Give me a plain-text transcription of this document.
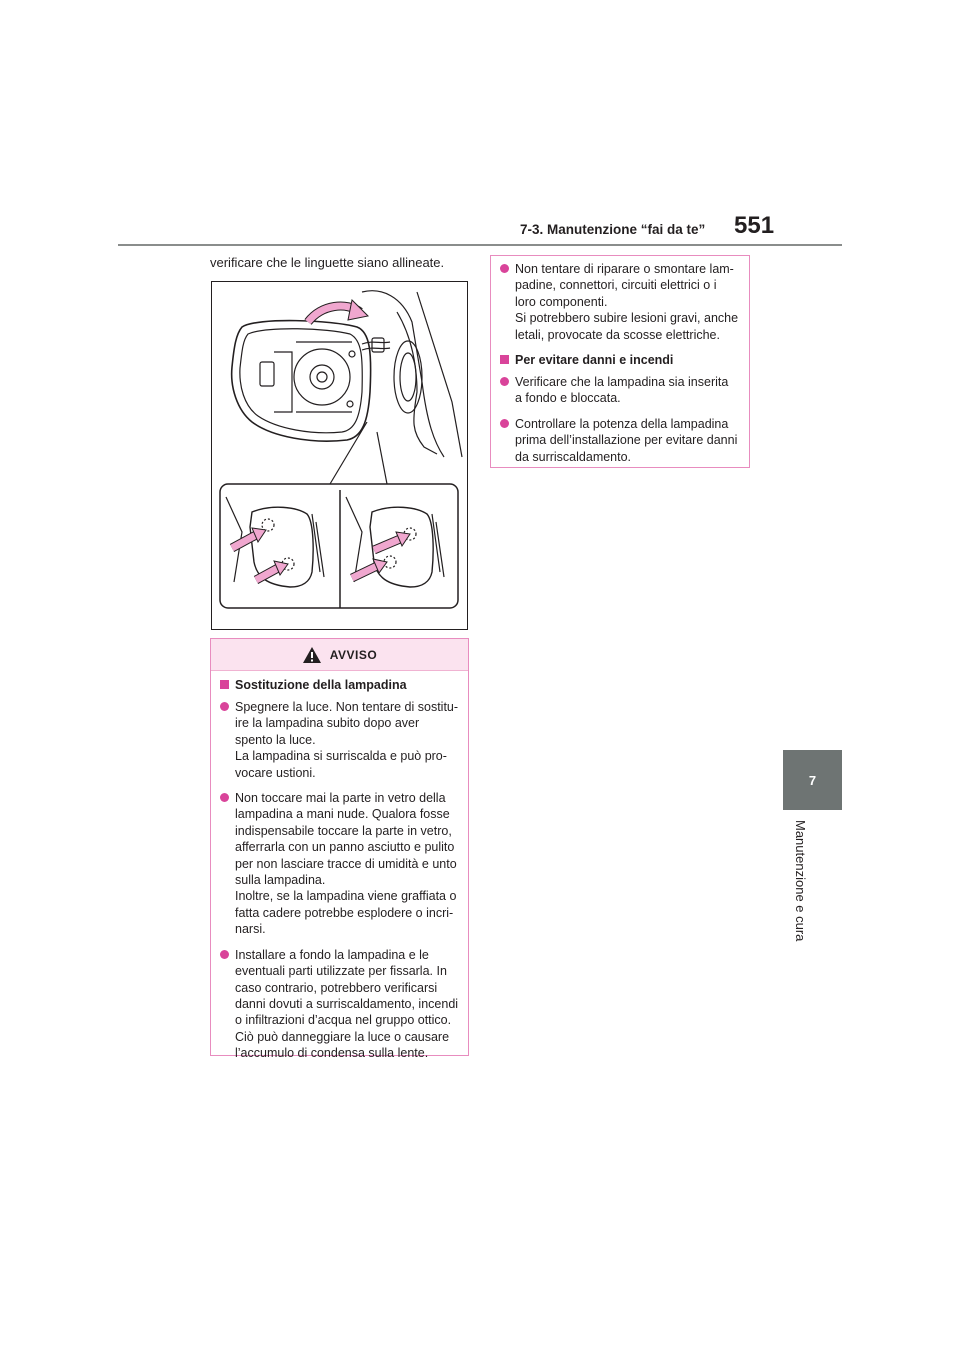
7-3. Manutenzione “fai da te” 551
7
Manutenzione e cura
verificare che le linguette siano allineate.
AVVISO
Sostituzione della lampadina
Spegnere la luce. Non tentare di sostitu-
ire la lampadina subito dopo aver
spento la luce.
La lampadina si surriscalda e può pro-
vocare ustioni.
Non toccare mai la parte in vetro della
lampadina a mani nude. Qualora fosse
indispensabile toccare la parte in vetro,
afferrarla con un panno asciutto e pulito
per non lasciare tracce di umidità e unto
sulla lampadina.
Inoltre, se la lampadina viene graffiata o
fatta cadere potrebbe esplodere o incri-
narsi.
Installare a fondo la lampadina e le
eventuali parti utilizzate per fissarla. In
caso contrario, potrebbero verificarsi
danni dovuti a surriscaldamento, incendi
o infiltrazioni d’acqua nel gruppo ottico.
Ciò può danneggiare la luce o causare
l’accumulo di condensa sulla lente.
Non tentare di riparare o smontare lam-
padine, connettori, circuiti elettrici o i
loro componenti.
Si potrebbero subire lesioni gravi, anche
letali, provocate da scosse elettriche.
Per evitare danni e incendi
Verificare che la lampadina sia inserita
a fondo e bloccata.
Controllare la potenza della lampadina
prima dell’installazione per evitare danni
da surriscaldamento.
